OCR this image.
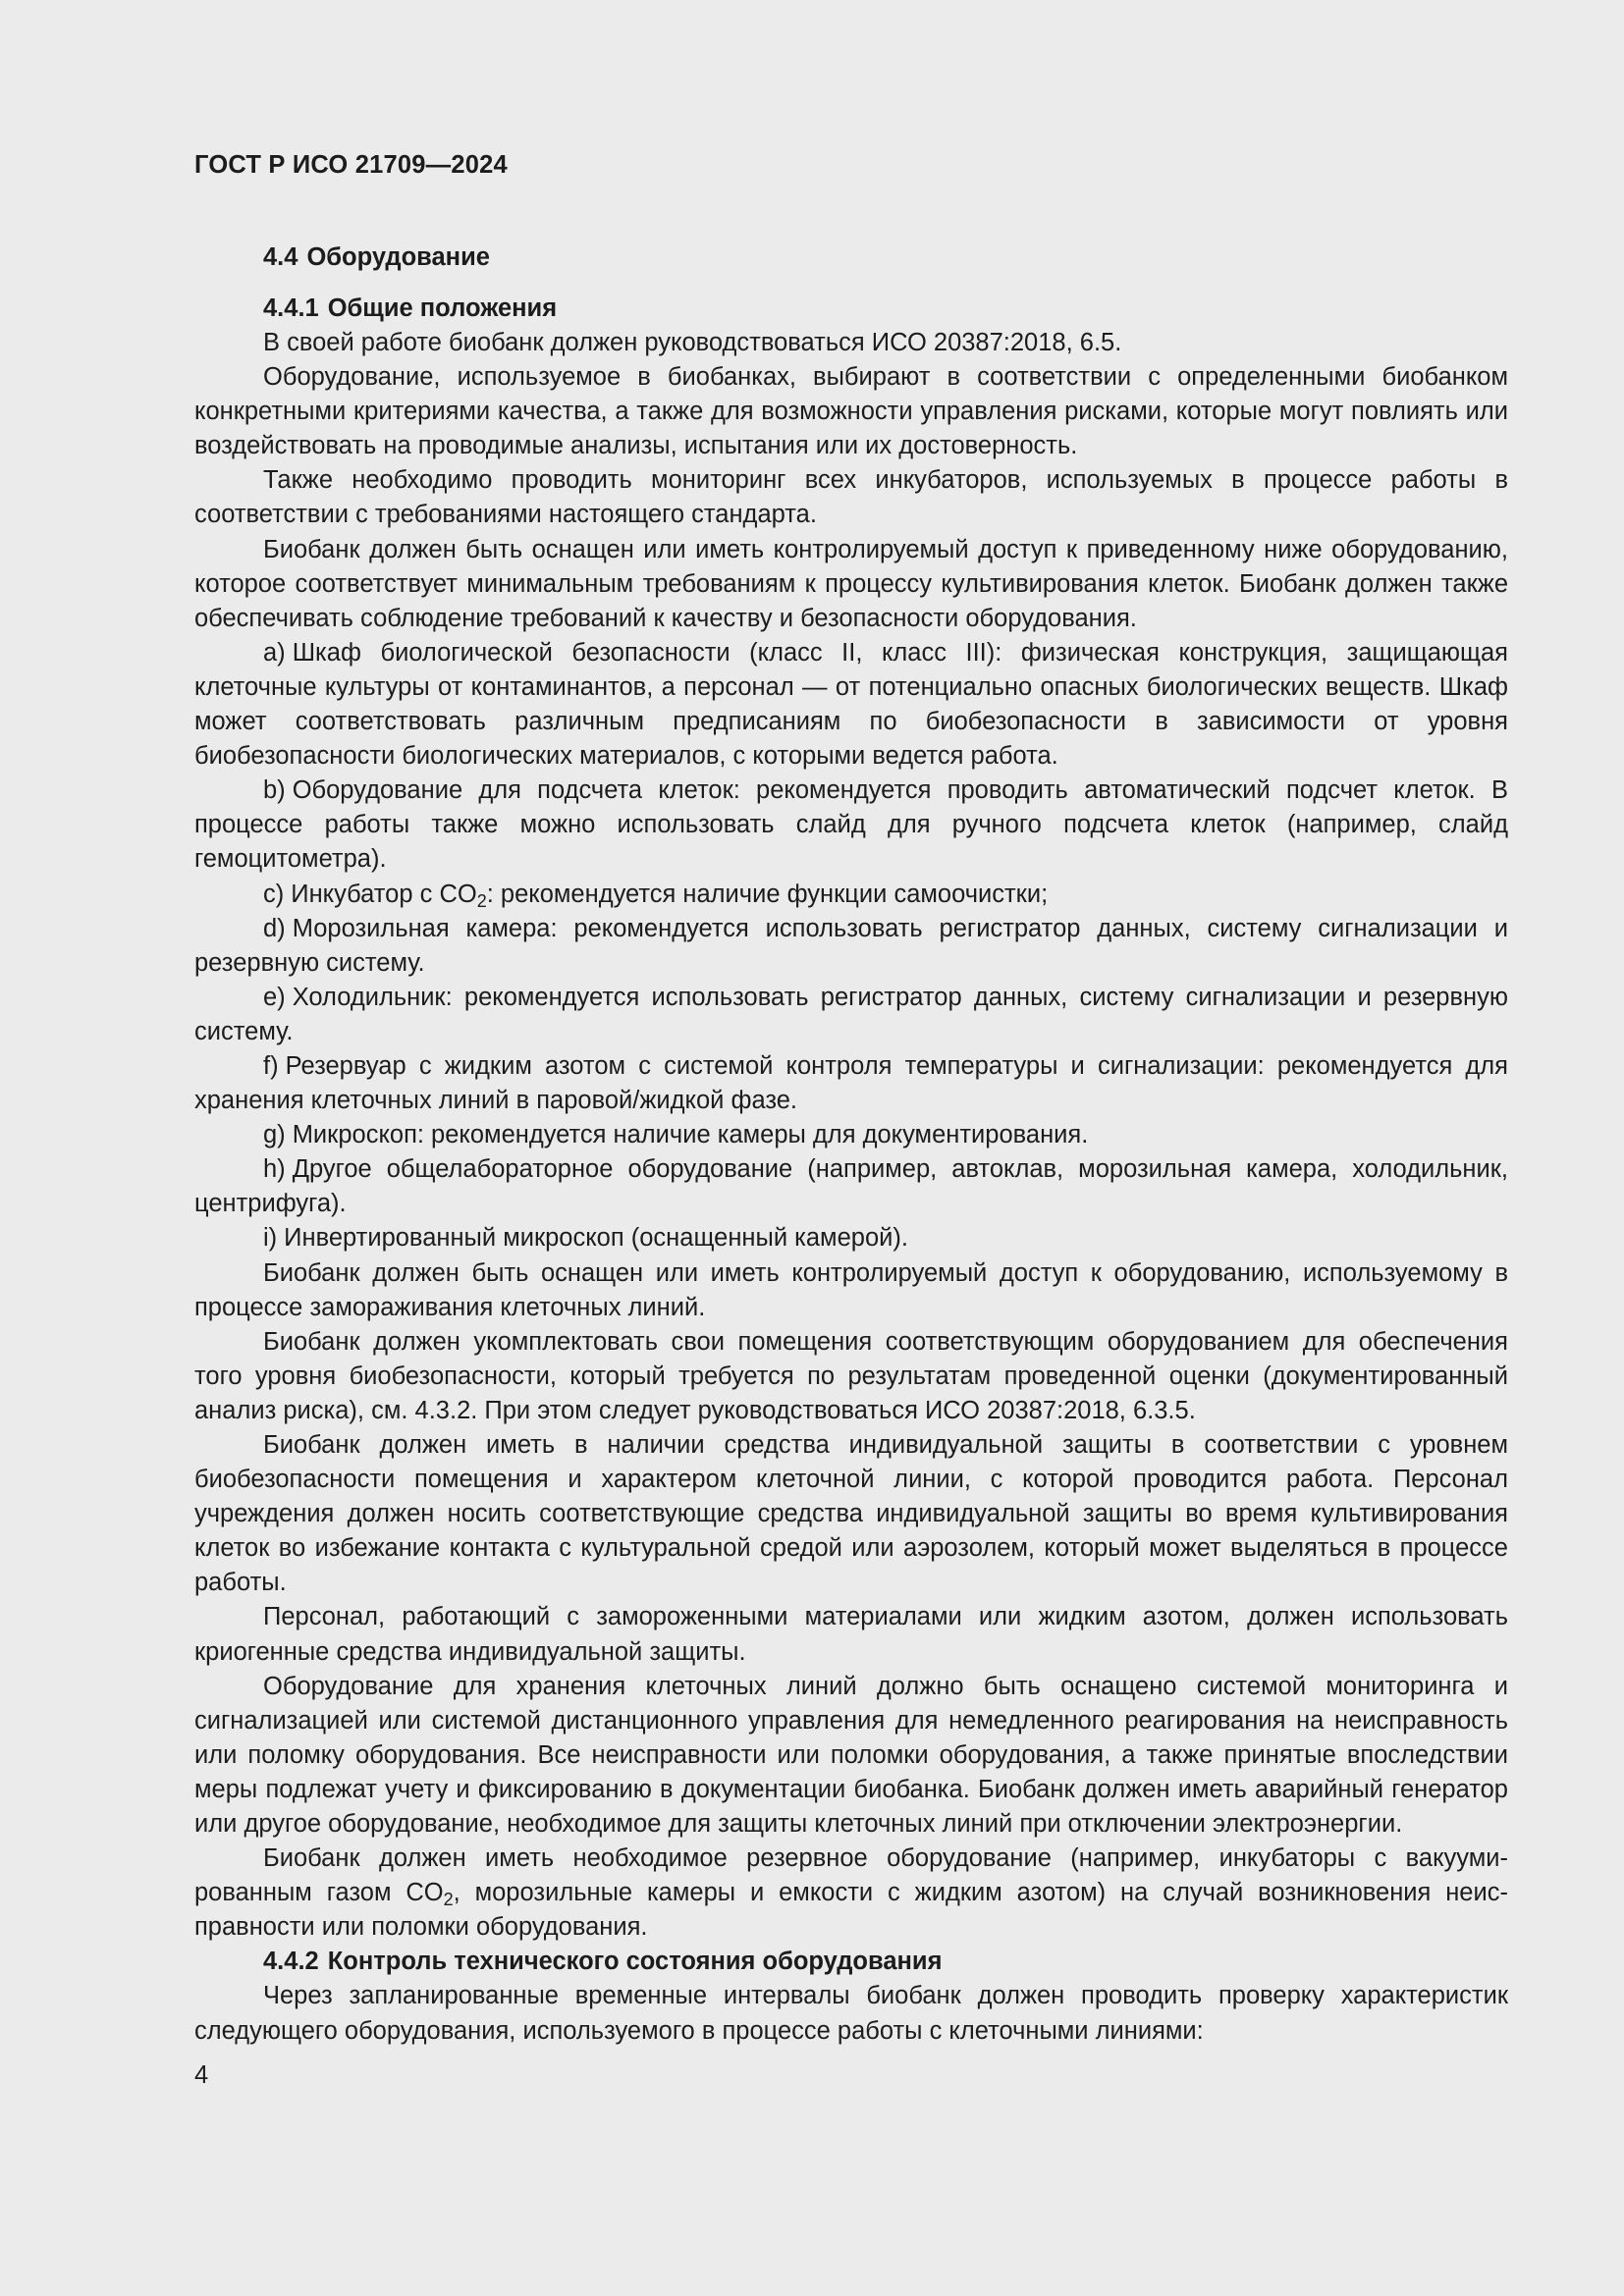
ГОСТ Р ИСО 21709—2024
4.4 Оборудование
4.4.1 Общие положения

В своей работе биобанк должен руководствоваться ИСО 20387:2018, 6.5.

Оборудование, используемое в биобанках, выбирают в соответствии с определенными биобанком конкретными критериями качества, а также для возможности управления рисками, которые могут повлиять или воздействовать на проводимые анализы, испытания или их достоверность.

Также необходимо проводить мониторинг всех инкубаторов, используемых в процессе работы в соответствии с требованиями настоящего стандарта.

Биобанк должен быть оснащен или иметь контролируемый доступ к приведенному ниже оборудованию, которое соответствует минимальным требованиям к процессу культивирования клеток. Биобанк должен также обеспечивать соблюдение требований к качеству и безопасности оборудования.

a) Шкаф биологической безопасности (класс II, класс III): физическая конструкция, защищающая клеточные культуры от контаминантов, а персонал — от потенциально опасных биологических веществ. Шкаф может соответствовать различным предписаниям по биобезопасности в зависимости от уровня биобезопасности биологических материалов, с которыми ведется работа.

b) Оборудование для подсчета клеток: рекомендуется проводить автоматический подсчет клеток. В процессе работы также можно использовать слайд для ручного подсчета клеток (например, слайд гемоцитометра).

c) Инкубатор с $CO_2$: рекомендуется наличие функции самоочистки;

d) Морозильная камера: рекомендуется использовать регистратор данных, систему сигнализации и резервную систему.

e) Холодильник: рекомендуется использовать регистратор данных, систему сигнализации и резервную систему.

f) Резервуар с жидким азотом с системой контроля температуры и сигнализации: рекомендуется для хранения клеточных линий в паровой/жидкой фазе.

g) Микроскоп: рекомендуется наличие камеры для документирования.

h) Другое общелабораторное оборудование (например, автоклав, морозильная камера, холодильник, центрифуга).

i) Инвертированный микроскоп (оснащенный камерой).

Биобанк должен быть оснащен или иметь контролируемый доступ к оборудованию, используемому в процессе замораживания клеточных линий.

Биобанк должен укомплектовать свои помещения соответствующим оборудованием для обеспечения того уровня биобезопасности, который требуется по результатам проведенной оценки (документированный анализ риска), см. 4.3.2. При этом следует руководствоваться ИСО 20387:2018, 6.3.5.

Биобанк должен иметь в наличии средства индивидуальной защиты в соответствии с уровнем биобезопасности помещения и характером клеточной линии, с которой проводится работа. Персонал учреждения должен носить соответствующие средства индивидуальной защиты во время культивирования клеток во избежание контакта с культуральной средой или аэрозолем, который может выделяться в процессе работы.

Персонал, работающий с замороженными материалами или жидким азотом, должен использовать криогенные средства индивидуальной защиты.

Оборудование для хранения клеточных линий должно быть оснащено системой мониторинга и сигнализацией или системой дистанционного управления для немедленного реагирования на неисправность или поломку оборудования. Все неисправности или поломки оборудования, а также принятые впоследствии меры подлежат учету и фиксированию в документации биобанка. Биобанк должен иметь аварийный генератор или другое оборудование, необходимое для защиты клеточных линий при отключении электроэнергии.

Биобанк должен иметь необходимое резервное оборудование (например, инкубаторы с вакуумированным газом $CO_2$, морозильные камеры и емкости с жидким азотом) на случай возникновения неисправности или поломки оборудования.

4.4.2 Контроль технического состояния оборудования

Через запланированные временные интервалы биобанк должен проводить проверку характеристик следующего оборудования, используемого в процессе работы с клеточными линиями:

4
